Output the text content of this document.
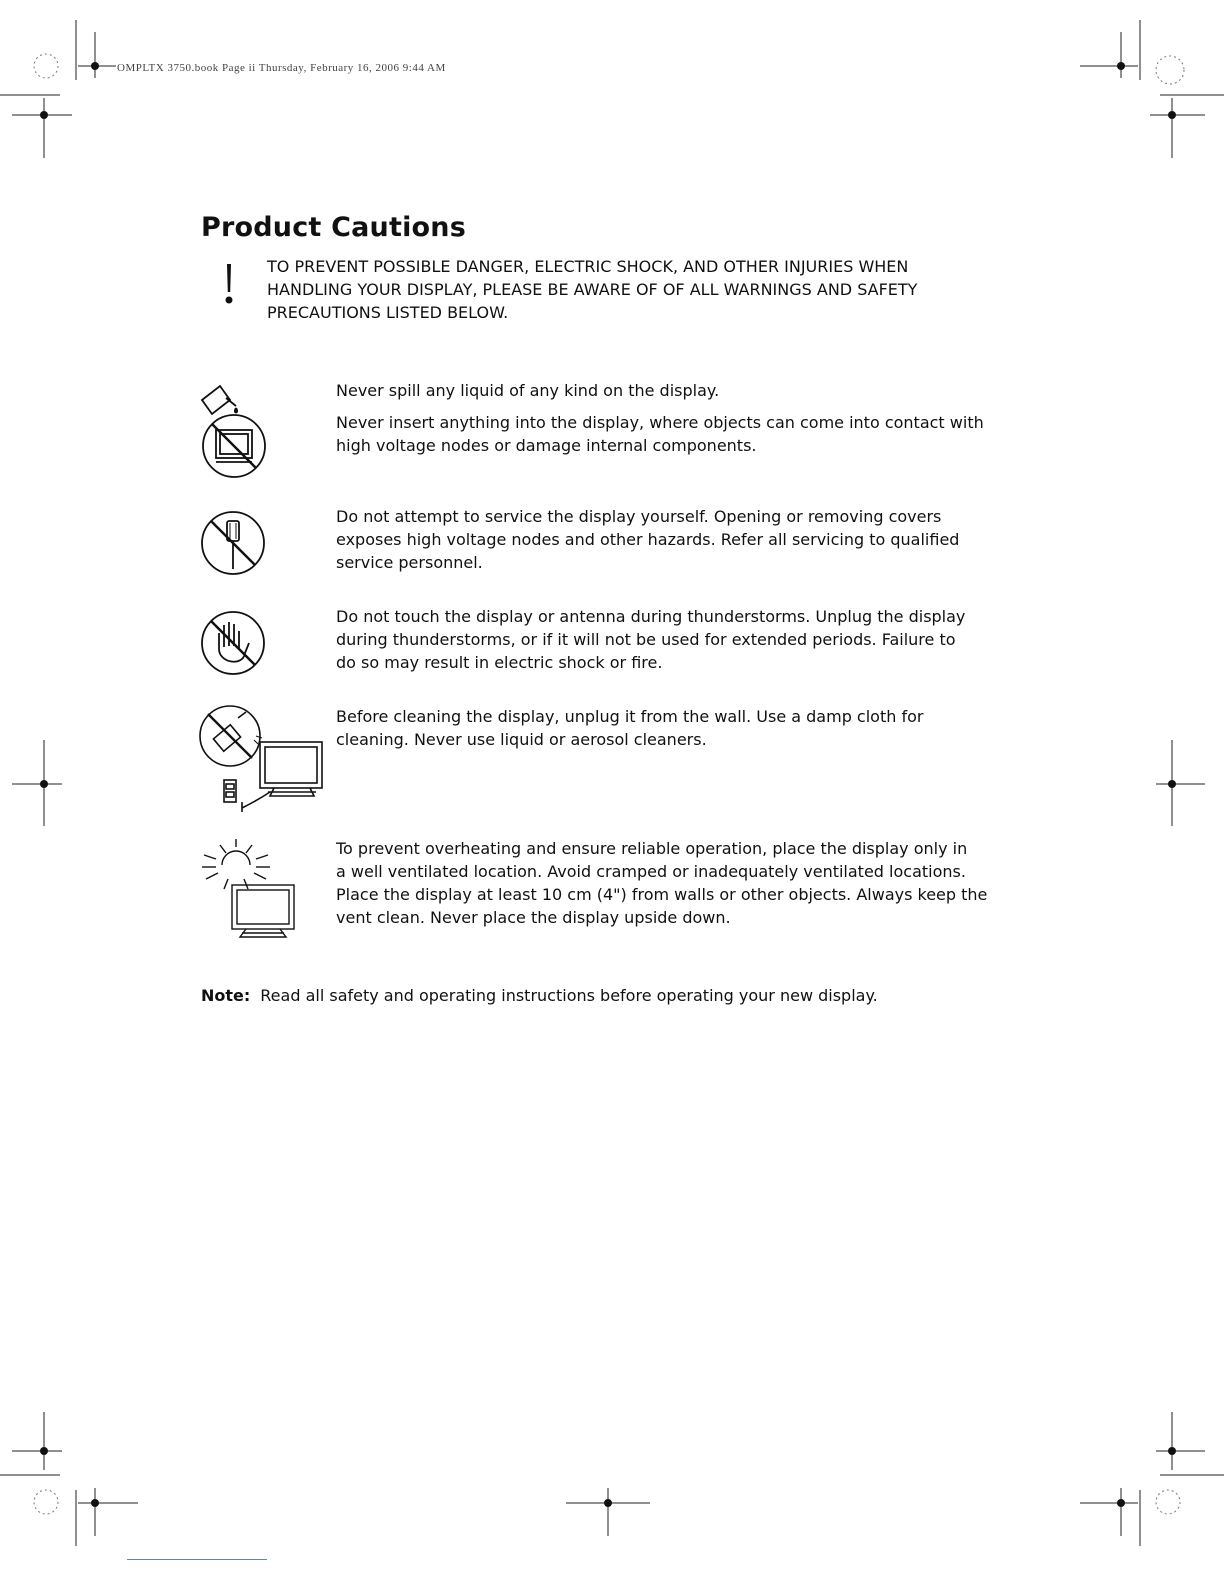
OMPLTX 3750.book Page ii Thursday, February 16, 2006 9:44 AM
Product Cautions

TO PREVENT POSSIBLE DANGER, ELECTRIC SHOCK, AND OTHER INJURIES WHEN

HANDLING YOUR DISPLAY, PLEASE BE AWARE OF OF ALL WARNINGS AND SAFETY

PRECAUTIONS LISTED BELOW.

Never spill any liquid of any kind on the display.

Never insert anything into the display, where objects can come into contact with

high voltage nodes or damage internal components.

Do not attempt to service the display yourself. Opening or removing covers

exposes high voltage nodes and other hazards. Refer all servicing to qualified

service personnel.

Do not touch the display or antenna during thunderstorms. Unplug the display

during thunderstorms, or if it will not be used for extended periods. Failure to

do so may result in electric shock or fire.

Before cleaning the display, unplug it from the wall. Use a damp cloth for

cleaning. Never use liquid or aerosol cleaners.

To prevent overheating and ensure reliable operation, place the display only in

a well ventilated location. Avoid cramped or inadequately ventilated locations.

Place the display at least 10 cm (4") from walls or other objects. Always keep the

vent clean. Never place the display upside down.

Note: Read all safety and operating instructions before operating your new display.
